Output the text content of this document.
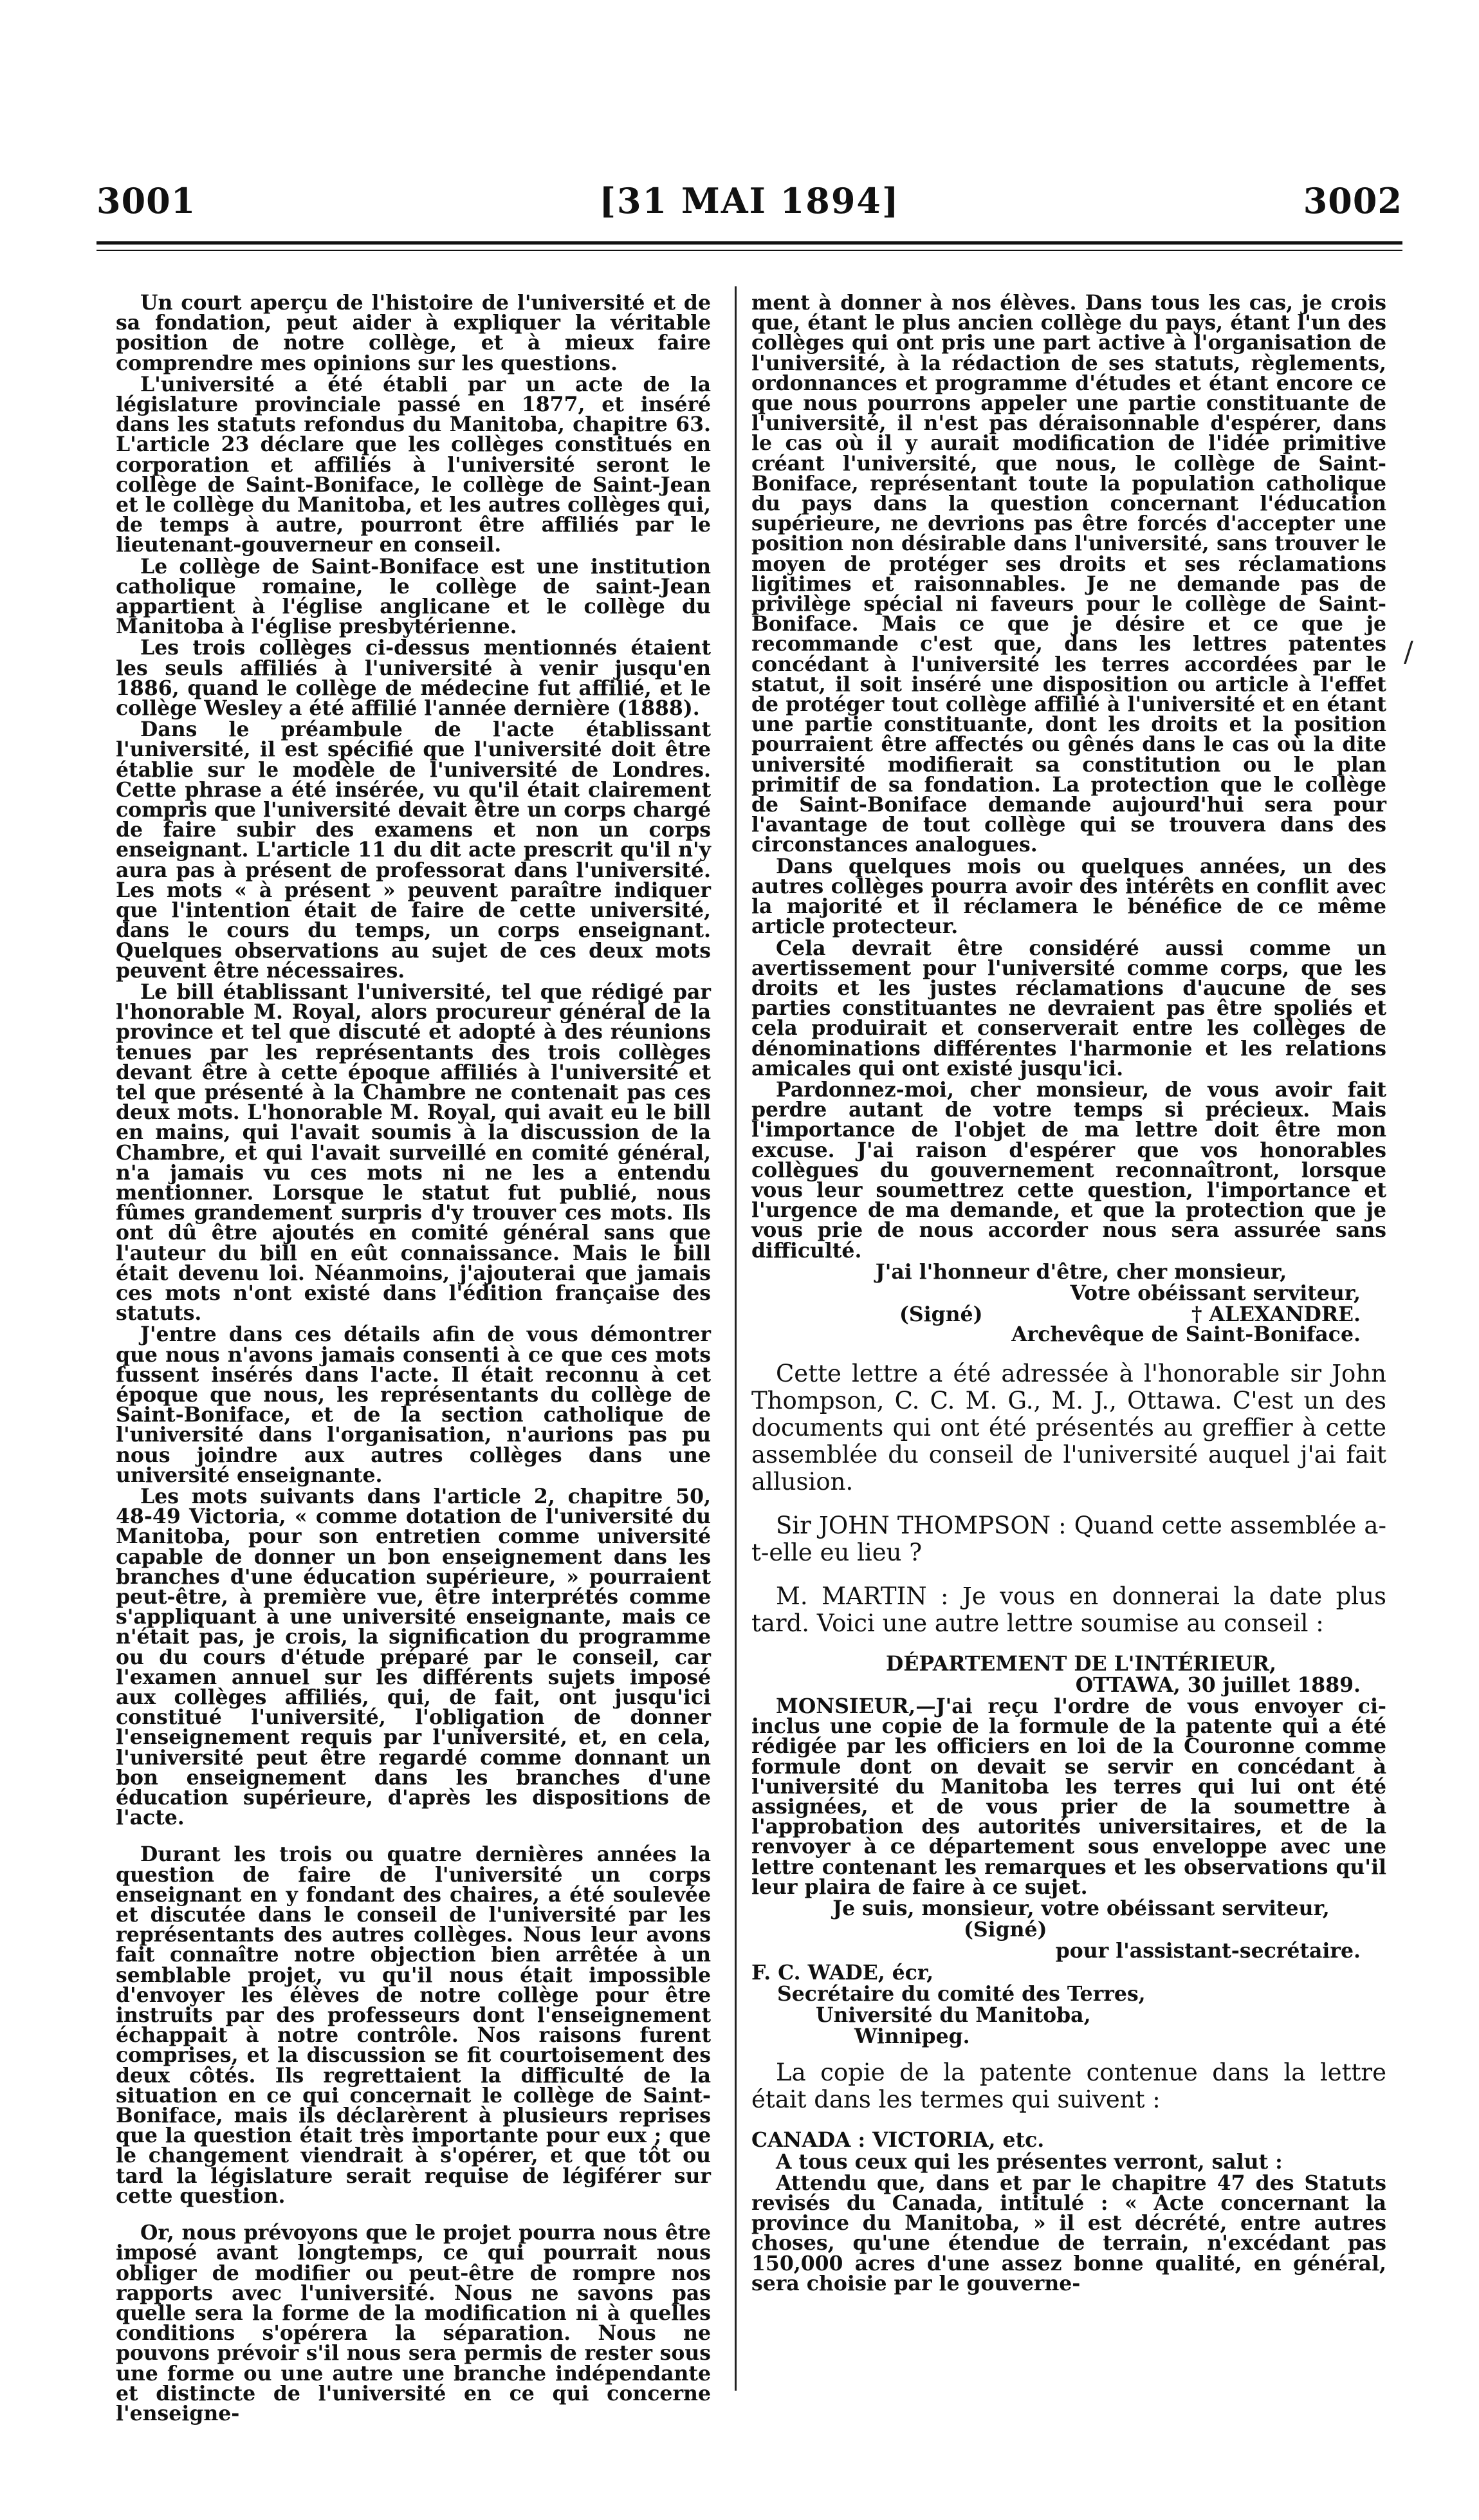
3001	[31 MAI 1894]	3002
/

Un court aperçu de l'histoire de l'université et de sa fondation, peut aider à expliquer la véritable position de notre collège, et à mieux faire comprendre mes opinions sur les questions.

L'université a été établi par un acte de la législature provinciale passé en 1877, et inséré dans les statuts refondus du Manitoba, chapitre 63. L'article 23 déclare que les collèges constitués en corporation et affiliés à l'université seront le collège de Saint-Boniface, le collège de Saint-Jean et le collège du Manitoba, et les autres collèges qui, de temps à autre, pourront être affiliés par le lieutenant-gouverneur en conseil.

Le collège de Saint-Boniface est une institution catholique romaine, le collège de saint-Jean appartient à l'église anglicane et le collège du Manitoba à l'église presbytérienne.

Les trois collèges ci-dessus mentionnés étaient les seuls affiliés à l'université à venir jusqu'en 1886, quand le collège de médecine fut affilié, et le collège Wesley a été affilié l'année dernière (1888).

Dans le préambule de l'acte établissant l'université, il est spécifié que l'université doit être établie sur le modèle de l'université de Londres. Cette phrase a été insérée, vu qu'il était clairement compris que l'université devait être un corps chargé de faire subir des examens et non un corps enseignant. L'article 11 du dit acte prescrit qu'il n'y aura pas à présent de professorat dans l'université. Les mots « à présent » peuvent paraître indiquer que l'intention était de faire de cette université, dans le cours du temps, un corps enseignant. Quelques observations au sujet de ces deux mots peuvent être nécessaires.

Le bill établissant l'université, tel que rédigé par l'honorable M. Royal, alors procureur général de la province et tel que discuté et adopté à des réunions tenues par les représentants des trois collèges devant être à cette époque affiliés à l'université et tel que présenté à la Chambre ne contenait pas ces deux mots. L'honorable M. Royal, qui avait eu le bill en mains, qui l'avait soumis à la discussion de la Chambre, et qui l'avait surveillé en comité général, n'a jamais vu ces mots ni ne les a entendu mentionner. Lorsque le statut fut publié, nous fûmes grandement surpris d'y trouver ces mots. Ils ont dû être ajoutés en comité général sans que l'auteur du bill en eût connaissance. Mais le bill était devenu loi. Néanmoins, j'ajouterai que jamais ces mots n'ont existé dans l'édition française des statuts.

J'entre dans ces détails afin de vous démontrer que nous n'avons jamais consenti à ce que ces mots fussent insérés dans l'acte. Il était reconnu à cet époque que nous, les représentants du collège de Saint-Boniface, et de la section catholique de l'université dans l'organisation, n'aurions pas pu nous joindre aux autres collèges dans une université enseignante.

Les mots suivants dans l'article 2, chapitre 50, 48-49 Victoria, « comme dotation de l'université du Manitoba, pour son entretien comme université capable de donner un bon enseignement dans les branches d'une éducation supérieure, » pourraient peut-être, à première vue, être interprétés comme s'appliquant à une université enseignante, mais ce n'était pas, je crois, la signification du programme ou du cours d'étude préparé par le conseil, car l'examen annuel sur les différents sujets imposé aux collèges affiliés, qui, de fait, ont jusqu'ici constitué l'université, l'obligation de donner l'enseignement requis par l'université, et, en cela, l'université peut être regardé comme donnant un bon enseignement dans les branches d'une éducation supérieure, d'après les dispositions de l'acte.

Durant les trois ou quatre dernières années la question de faire de l'université un corps enseignant en y fondant des chaires, a été soulevée et discutée dans le conseil de l'université par les représentants des autres collèges. Nous leur avons fait connaître notre objection bien arrêtée à un semblable projet, vu qu'il nous était impossible d'envoyer les élèves de notre collège pour être instruits par des professeurs dont l'enseignement échappait à notre contrôle. Nos raisons furent comprises, et la discussion se fit courtoisement des deux côtés. Ils regrettaient la difficulté de la situation en ce qui concernait le collège de Saint-Boniface, mais ils déclarèrent à plusieurs reprises que la question était très importante pour eux ; que le changement viendrait à s'opérer, et que tôt ou tard la législature serait requise de légiférer sur cette question.

Or, nous prévoyons que le projet pourra nous être imposé avant longtemps, ce qui pourrait nous obliger de modifier ou peut-être de rompre nos rapports avec l'université. Nous ne savons pas quelle sera la forme de la modification ni à quelles conditions s'opérera la séparation. Nous ne pouvons prévoir s'il nous sera permis de rester sous une forme ou une autre une branche indépendante et distincte de l'université en ce qui concerne l'enseigne-

ment à donner à nos élèves. Dans tous les cas, je crois que, étant le plus ancien collège du pays, étant l'un des collèges qui ont pris une part active à l'organisation de l'université, à la rédaction de ses statuts, règlements, ordonnances et programme d'études et étant encore ce que nous pourrons appeler une partie constituante de l'université, il n'est pas déraisonnable d'espérer, dans le cas où il y aurait modification de l'idée primitive créant l'université, que nous, le collège de Saint-Boniface, représentant toute la population catholique du pays dans la question concernant l'éducation supérieure, ne devrions pas être forcés d'accepter une position non désirable dans l'université, sans trouver le moyen de protéger ses droits et ses réclamations ligitimes et raisonnables. Je ne demande pas de privilège spécial ni faveurs pour le collège de Saint-Boniface. Mais ce que je désire et ce que je recommande c'est que, dans les lettres patentes concédant à l'université les terres accordées par le statut, il soit inséré une disposition ou article à l'effet de protéger tout collège affilié à l'université et en étant une partie constituante, dont les droits et la position pourraient être affectés ou gênés dans le cas où la dite université modifierait sa constitution ou le plan primitif de sa fondation. La protection que le collège de Saint-Boniface demande aujourd'hui sera pour l'avantage de tout collège qui se trouvera dans des circonstances analogues.

Dans quelques mois ou quelques années, un des autres collèges pourra avoir des intérêts en conflit avec la majorité et il réclamera le bénéfice de ce même article protecteur.

Cela devrait être considéré aussi comme un avertissement pour l'université comme corps, que les droits et les justes réclamations d'aucune de ses parties constituantes ne devraient pas être spoliés et cela produirait et conserverait entre les collèges de dénominations différentes l'harmonie et les relations amicales qui ont existé jusqu'ici.

Pardonnez-moi, cher monsieur, de vous avoir fait perdre autant de votre temps si précieux. Mais l'importance de l'objet de ma lettre doit être mon excuse. J'ai raison d'espérer que vos honorables collègues du gouvernement reconnaîtront, lorsque vous leur soumettrez cette question, l'importance et l'urgence de ma demande, et que la protection que je vous prie de nous accorder nous sera assurée sans difficulté.

J'ai l'honneur d'être, cher monsieur,

Votre obéissant serviteur,

(Signé)	† ALEXANDRE.

Archevêque de Saint-Boniface.

Cette lettre a été adressée à l'honorable sir John Thompson, C. C. M. G., M. J., Ottawa. C'est un des documents qui ont été présentés au greffier à cette assemblée du conseil de l'université auquel j'ai fait allusion.

Sir JOHN THOMPSON : Quand cette assemblée a-t-elle eu lieu ?

M. MARTIN : Je vous en donnerai la date plus tard. Voici une autre lettre soumise au conseil :

DÉPARTEMENT DE L'INTÉRIEUR,

OTTAWA, 30 juillet 1889.

MONSIEUR,—J'ai reçu l'ordre de vous envoyer ci-inclus une copie de la formule de la patente qui a été rédigée par les officiers en loi de la Couronne comme formule dont on devait se servir en concédant à l'université du Manitoba les terres qui lui ont été assignées, et de vous prier de la soumettre à l'approbation des autorités universitaires, et de la renvoyer à ce département sous enveloppe avec une lettre contenant les remarques et les observations qu'il leur plaira de faire à ce sujet.

Je suis, monsieur, votre obéissant serviteur,

(Signé)

pour l'assistant-secrétaire.

F. C. WADE, écr,

Secrétaire du comité des Terres,

Université du Manitoba,

Winnipeg.

La copie de la patente contenue dans la lettre était dans les termes qui suivent :

CANADA : VICTORIA, etc.

A tous ceux qui les présentes verront, salut :

Attendu que, dans et par le chapitre 47 des Statuts revisés du Canada, intitulé : « Acte concernant la province du Manitoba, » il est décrété, entre autres choses, qu'une étendue de terrain, n'excédant pas 150,000 acres d'une assez bonne qualité, en général, sera choisie par le gouverne-
